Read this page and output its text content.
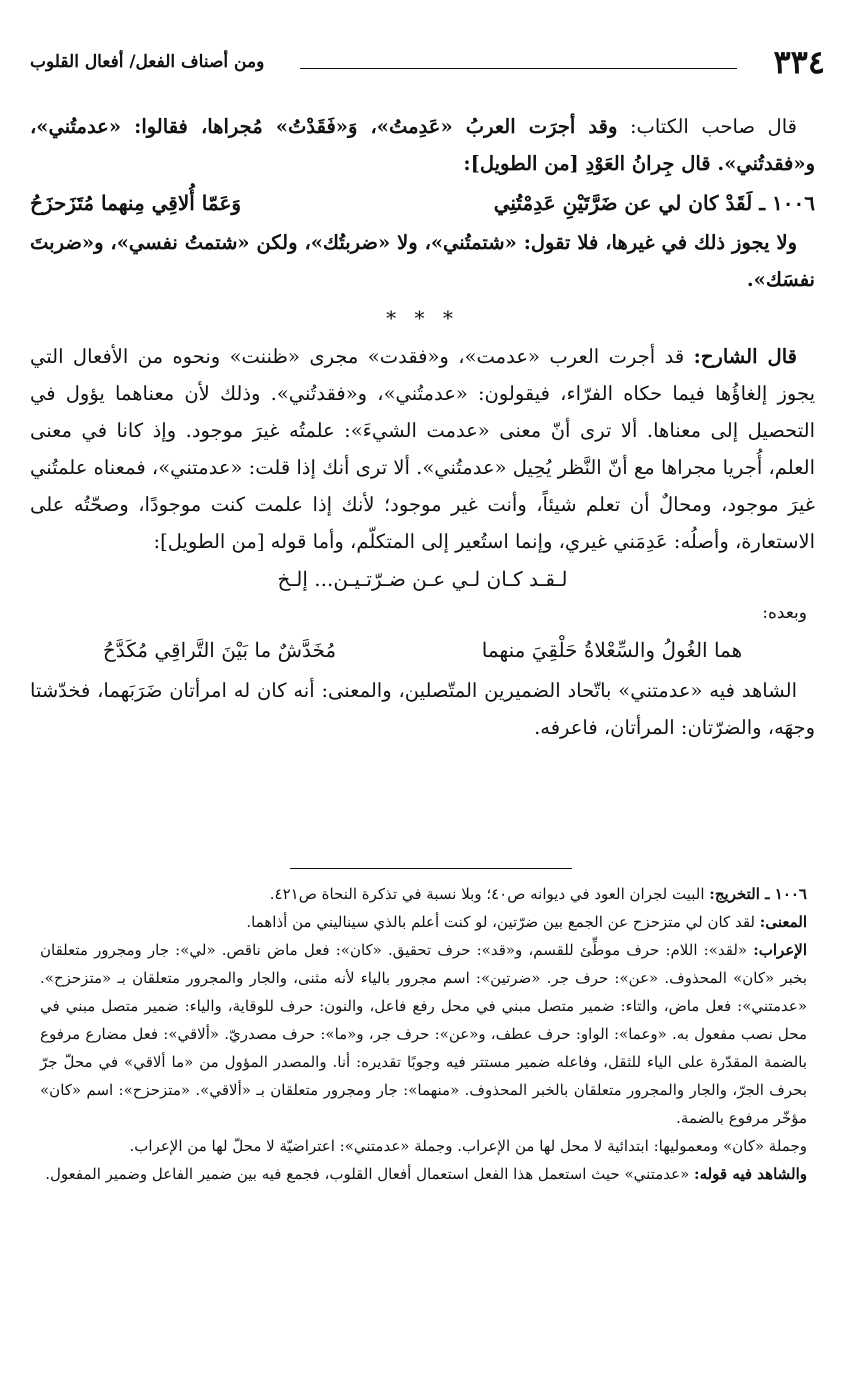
٣٣٤
ومن أصناف الفعل/ أفعال القلوب

قال صاحب الكتاب: وقد أجرَت العربُ «عَدِمتُ»، وَ«فَقَدْتُ» مُجراها، فقالوا: «عدمتُني»، و«فقدتُني». قال جِرانُ العَوْدِ [من الطويل]:

١٠٠٦ ـ لَقَدْ كان لي عن ضَرَّتَيْنِ عَدِمْتُنِي
وَعَمّا أُلاقِي مِنهما مُتَزَحزَحُ

ولا يجوز ذلك في غيرها، فلا تقول: «شتمتُني»، ولا «ضربتُك»، ولكن «شتمتُ نفسي»، و«ضربتَ نفسَك».

* * *

قال الشارح: قد أجرت العرب «عدمت»، و«فقدت» مجرى «ظننت» ونحوه من الأفعال التي يجوز إلغاؤُها فيما حكاه الفرّاء، فيقولون: «عدمتُني»، و«فقدتُني». وذلك لأن معناهما يؤول في التحصيل إلى معناها. ألا ترى أنّ معنى «عدمت الشيءَ»: علمتُه غيرَ موجود. وإذ كانا في معنى العلم، أُجريا مجراها مع أنّ النَّظر يُحِيل «عدمتُني». ألا ترى أنك إذا قلت: «عدمتني»، فمعناه علمتُني غيرَ موجود، ومحالٌ أن تعلم شيئاً، وأنت غير موجود؛ لأنك إذا علمت كنت موجودًا، وصحّتُه على الاستعارة، وأصلُه: عَدِمَني غيري، وإنما استُعير إلى المتكلّم، وأما قوله [من الطويل]:

لـقـد كـان لـي عـن ضـرّتـيـن... إلـخ

وبعده:

هما الغُولُ والسِّعْلاةُ حَلْقِيَ منهما
مُخَدَّشٌ ما بَيْنَ التَّراقِي مُكَدَّحُ

الشاهد فيه «عدمتني» باتّحاد الضميرين المتّصلين، والمعنى: أنه كان له امرأتان ضَرَبَهما، فخدّشتا وجهَه، والضرّتان: المرأتان، فاعرفه.

١٠٠٦ ـ التخريج: البيت لجران العود في ديوانه ص٤٠؛ وبلا نسبة في تذكرة النحاة ص٤٢١.

المعنى: لقد كان لي متزحزح عن الجمع بين ضرّتين، لو كنت أعلم بالذي سيناليني من أذاهما.

الإعراب: «لقد»: اللام: حرف موطِّئ للقسم، و«قد»: حرف تحقيق. «كان»: فعل ماض ناقص. «لي»: جار ومجرور متعلقان بخبر «كان» المحذوف. «عن»: حرف جر. «ضرتين»: اسم مجرور بالياء لأنه مثنى، والجار والمجرور متعلقان بـ «متزحزح». «عدمتني»: فعل ماض، والتاء: ضمير متصل مبني في محل رفع فاعل، والنون: حرف للوقاية، والياء: ضمير متصل مبني في محل نصب مفعول به. «وعما»: الواو: حرف عطف، و«عن»: حرف جر، و«ما»: حرف مصدريّ. «ألاقي»: فعل مضارع مرفوع بالضمة المقدّرة على الياء للثقل، وفاعله ضمير مستتر فيه وجوبًا تقديره: أنا. والمصدر المؤول من «ما ألاقي» في محلّ جرّ بحرف الجرّ، والجار والمجرور متعلقان بالخبر المحذوف. «منهما»: جار ومجرور متعلقان بـ «ألاقي». «متزحزح»: اسم «كان» مؤخّر مرفوع بالضمة.

وجملة «كان» ومعموليها: ابتدائية لا محل لها من الإعراب. وجملة «عدمتني»: اعتراضيّة لا محلّ لها من الإعراب.

والشاهد فيه قوله: «عدمتني» حيث استعمل هذا الفعل استعمال أفعال القلوب، فجمع فيه بين ضمير الفاعل وضمير المفعول.
